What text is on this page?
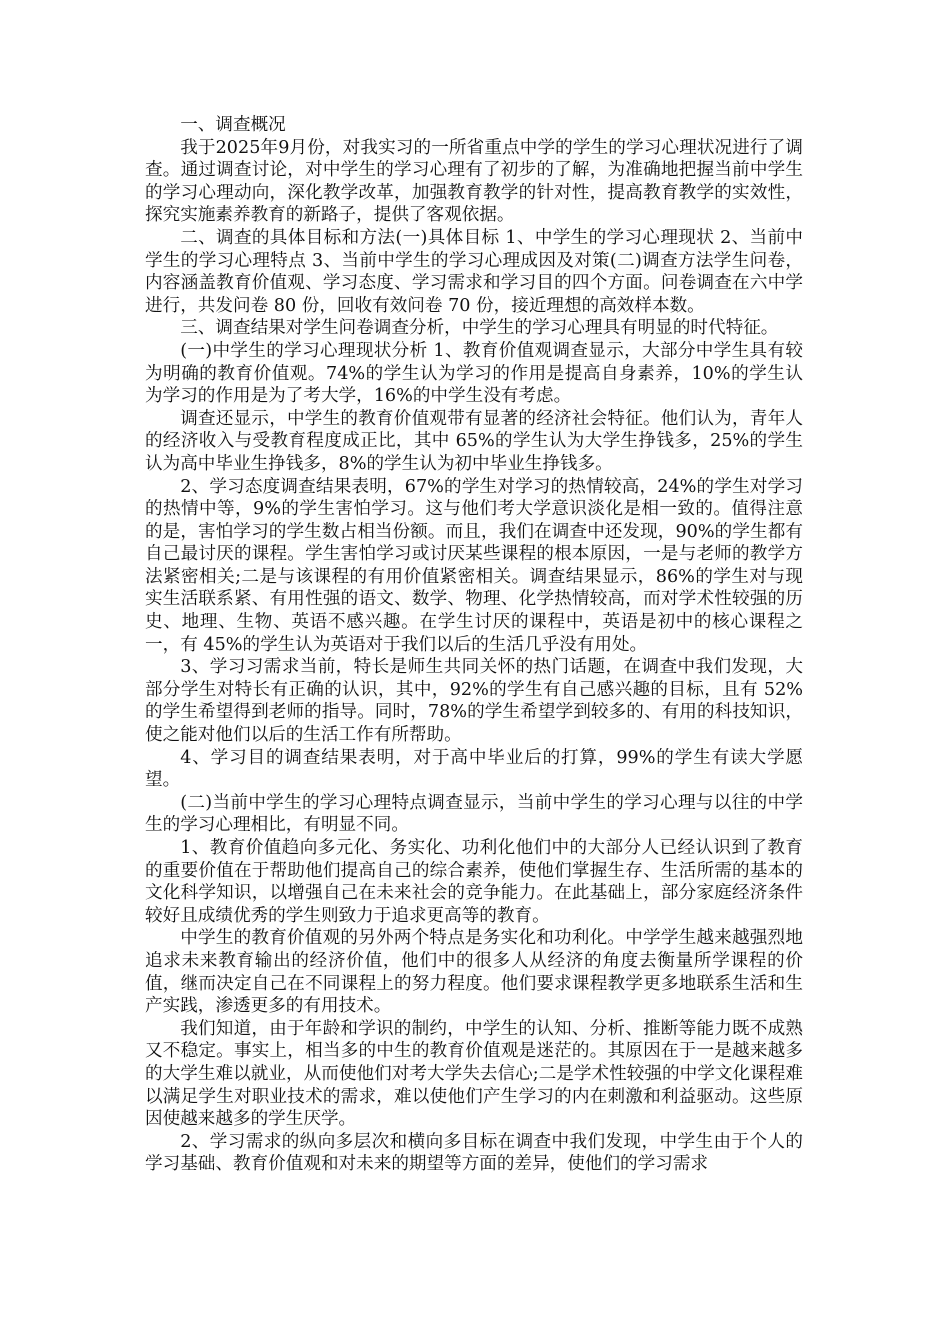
一、调查概况

我于2025年9月份，对我实习的一所省重点中学的学生的学习心理状况进行了调查。通过调查讨论，对中学生的学习心理有了初步的了解，为准确地把握当前中学生的学习心理动向，深化教学改革，加强教育教学的针对性，提高教育教学的实效性，探究实施素养教育的新路子，提供了客观依据。

二、调查的具体目标和方法(一)具体目标 1、中学生的学习心理现状 2、当前中学生的学习心理特点 3、当前中学生的学习心理成因及对策(二)调查方法学生问卷，内容涵盖教育价值观、学习态度、学习需求和学习目的四个方面。问卷调查在六中学进行，共发问卷 80 份，回收有效问卷 70 份，接近理想的高效样本数。

三、调查结果对学生问卷调查分析，中学生的学习心理具有明显的时代特征。

(一)中学生的学习心理现状分析 1、教育价值观调查显示，大部分中学生具有较为明确的教育价值观。74%的学生认为学习的作用是提高自身素养，10%的学生认为学习的作用是为了考大学，16%的中学生没有考虑。

调查还显示，中学生的教育价值观带有显著的经济社会特征。他们认为，青年人的经济收入与受教育程度成正比，其中 65%的学生认为大学生挣钱多，25%的学生认为高中毕业生挣钱多，8%的学生认为初中毕业生挣钱多。

2、学习态度调查结果表明，67%的学生对学习的热情较高，24%的学生对学习的热情中等，9%的学生害怕学习。这与他们考大学意识淡化是相一致的。值得注意的是，害怕学习的学生数占相当份额。而且，我们在调查中还发现，90%的学生都有自己最讨厌的课程。学生害怕学习或讨厌某些课程的根本原因，一是与老师的教学方法紧密相关;二是与该课程的有用价值紧密相关。调查结果显示，86%的学生对与现实生活联系紧、有用性强的语文、数学、物理、化学热情较高，而对学术性较强的历史、地理、生物、英语不感兴趣。在学生讨厌的课程中，英语是初中的核心课程之一，有 45%的学生认为英语对于我们以后的生活几乎没有用处。

3、学习习需求当前，特长是师生共同关怀的热门话题，在调查中我们发现，大部分学生对特长有正确的认识，其中，92%的学生有自己感兴趣的目标，且有 52%的学生希望得到老师的指导。同时，78%的学生希望学到较多的、有用的科技知识，使之能对他们以后的生活工作有所帮助。

4、学习目的调查结果表明，对于高中毕业后的打算，99%的学生有读大学愿望。

(二)当前中学生的学习心理特点调查显示，当前中学生的学习心理与以往的中学生的学习心理相比，有明显不同。

1、教育价值趋向多元化、务实化、功利化他们中的大部分人已经认识到了教育的重要价值在于帮助他们提高自己的综合素养，使他们掌握生存、生活所需的基本的文化科学知识，以增强自己在未来社会的竞争能力。在此基础上，部分家庭经济条件较好且成绩优秀的学生则致力于追求更高等的教育。

中学生的教育价值观的另外两个特点是务实化和功利化。中学学生越来越强烈地追求未来教育输出的经济价值，他们中的很多人从经济的角度去衡量所学课程的价值，继而决定自己在不同课程上的努力程度。他们要求课程教学更多地联系生活和生产实践，渗透更多的有用技术。

我们知道，由于年龄和学识的制约，中学生的认知、分析、推断等能力既不成熟又不稳定。事实上，相当多的中生的教育价值观是迷茫的。其原因在于一是越来越多的大学生难以就业，从而使他们对考大学失去信心;二是学术性较强的中学文化课程难以满足学生对职业技术的需求，难以使他们产生学习的内在刺激和利益驱动。这些原因使越来越多的学生厌学。

2、学习需求的纵向多层次和横向多目标在调查中我们发现，中学生由于个人的学习基础、教育价值观和对未来的期望等方面的差异，使他们的学习需求
